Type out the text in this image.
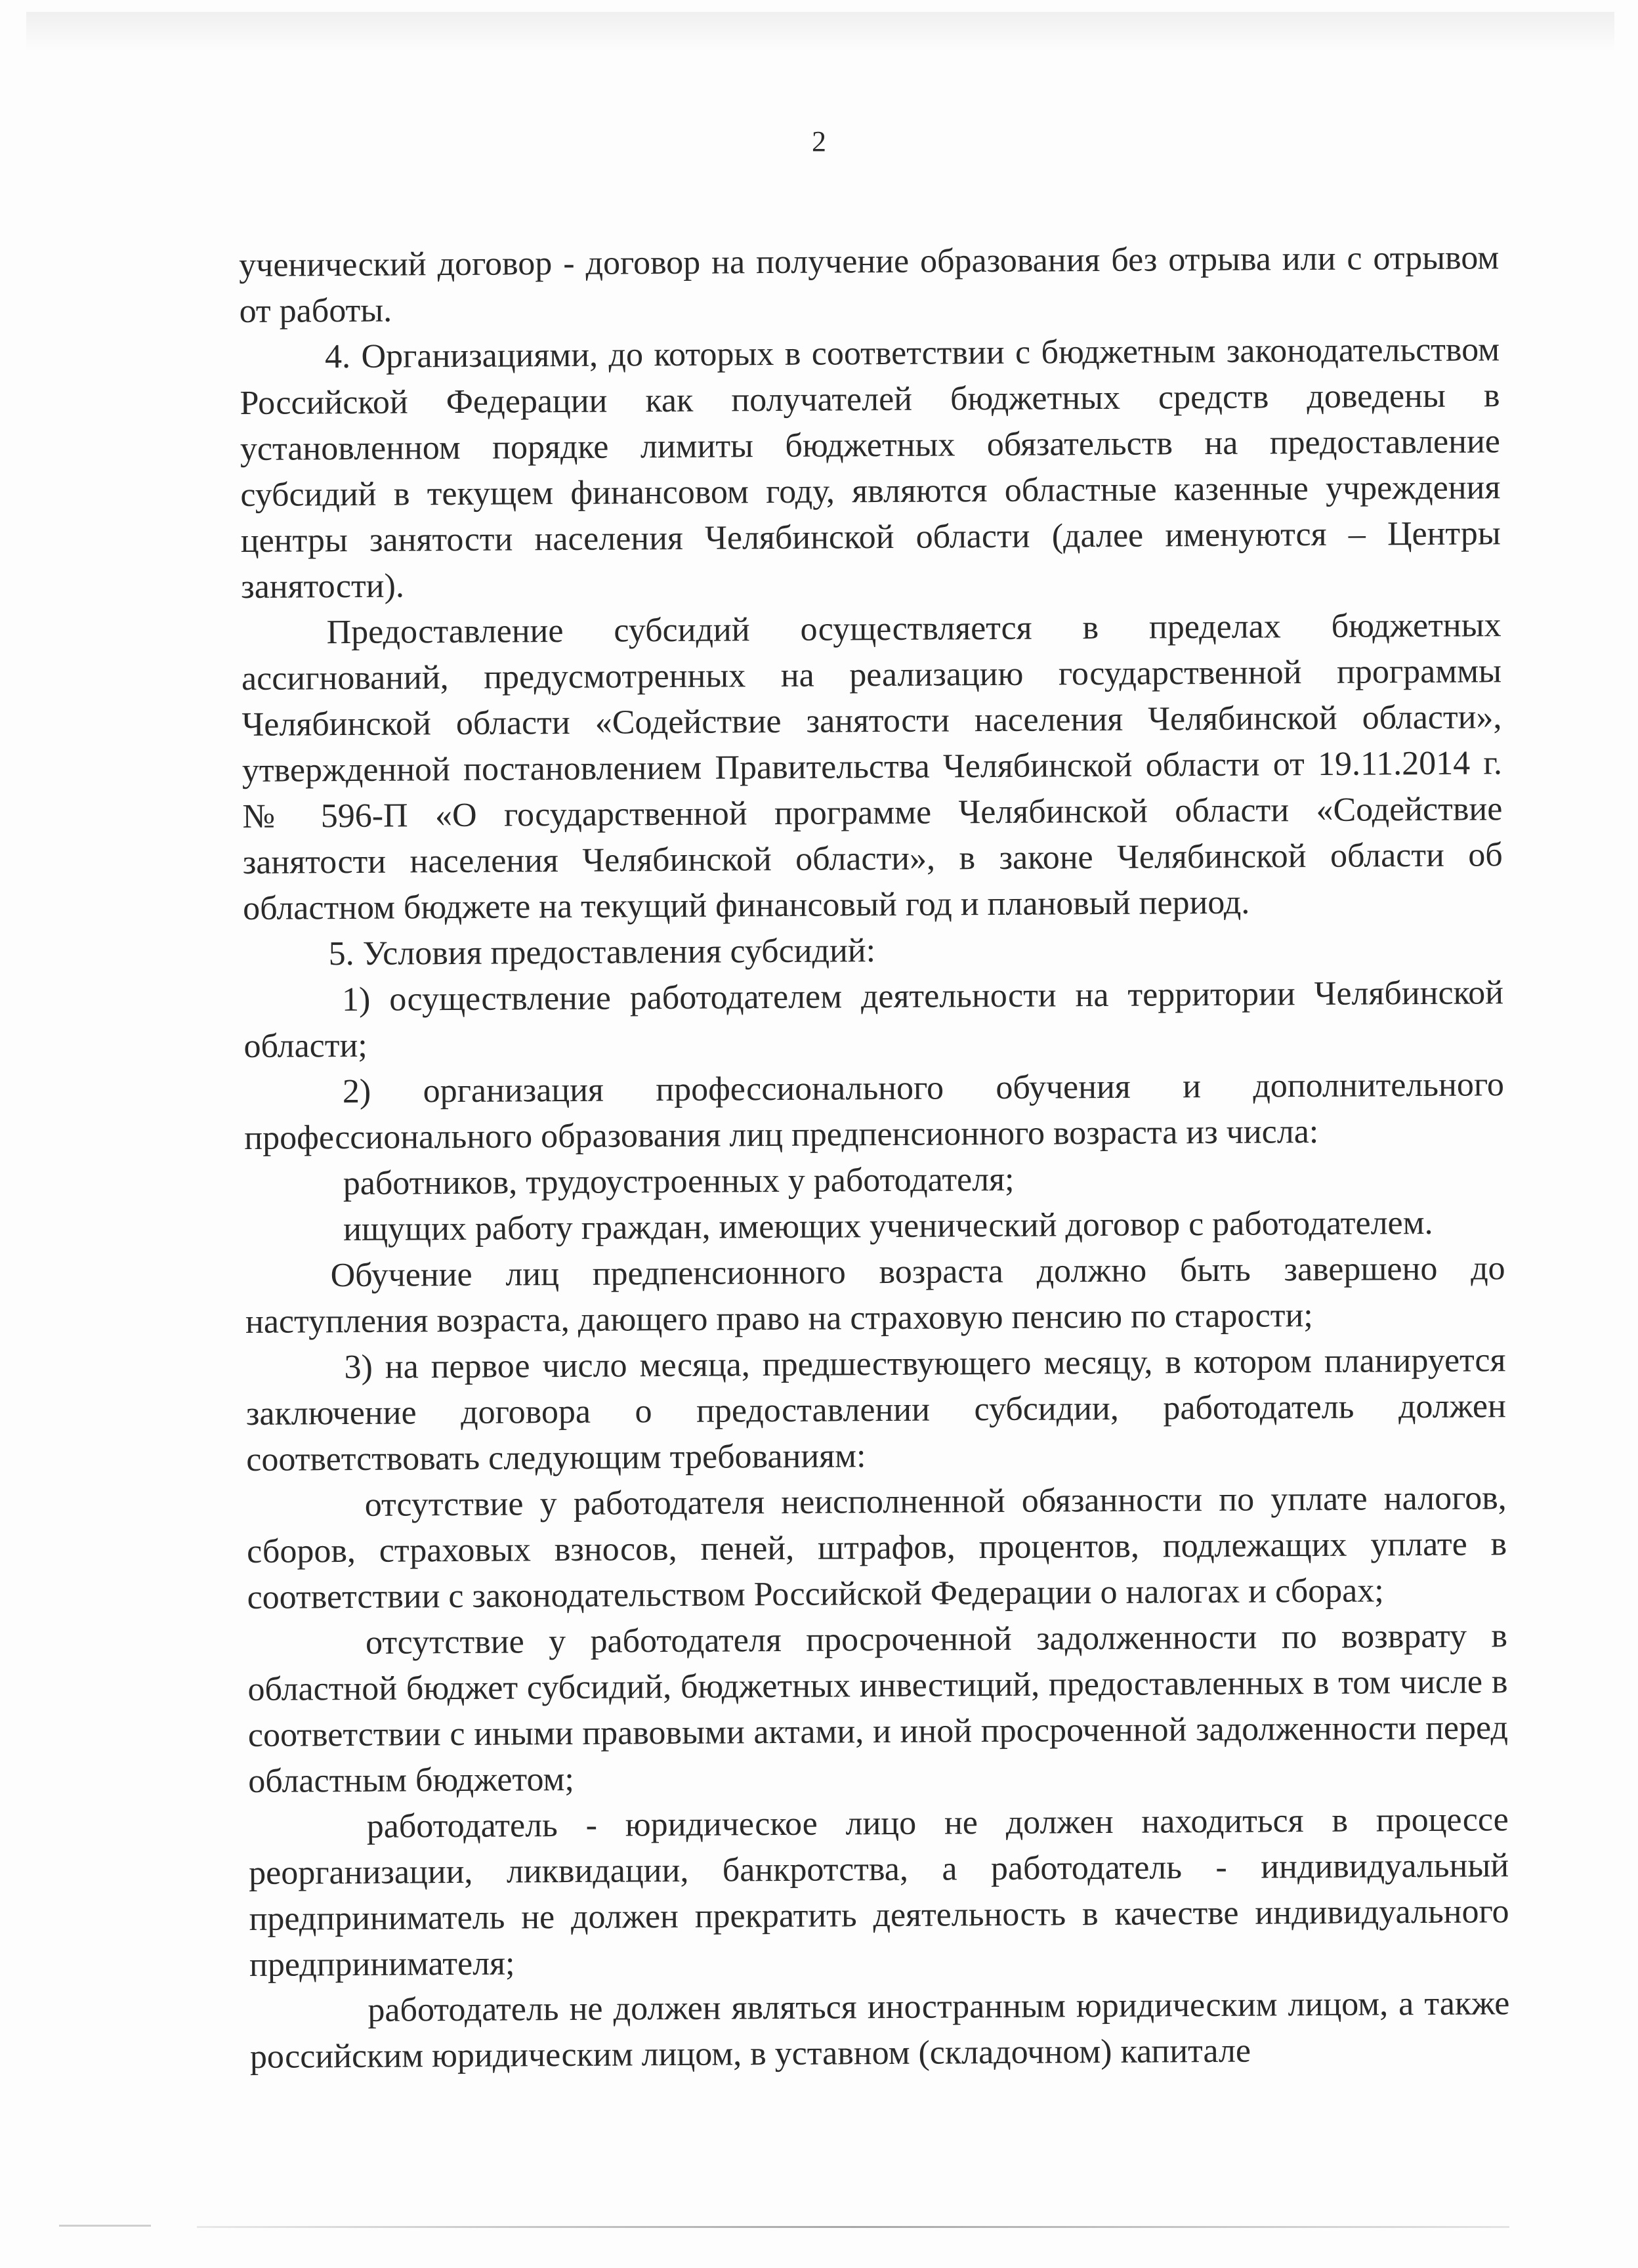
2

ученический договор - договор на получение образования без отрыва или с отрывом от работы.

4. Организациями, до которых в соответствии с бюджетным законодательством Российской Федерации как получателей бюджетных средств доведены в установленном порядке лимиты бюджетных обязательств на предоставление субсидий в текущем финансовом году, являются областные казенные учреждения центры занятости населения Челябинской области (далее именуются – Центры занятости).

Предоставление субсидий осуществляется в пределах бюджетных ассигнований, предусмотренных на реализацию государственной программы Челябинской области «Содействие занятости населения Челябинской области», утвержденной постановлением Правительства Челябинской области от 19.11.2014 г. № 596-П «О государственной программе Челябинской области «Содействие занятости населения Челябинской области», в законе Челябинской области об областном бюджете на текущий финансовый год и плановый период.

5. Условия предоставления субсидий:

1) осуществление работодателем деятельности на территории Челябинской области;

2) организация профессионального обучения и дополнительного профессионального образования лиц предпенсионного возраста из числа:

работников, трудоустроенных у работодателя;

ищущих работу граждан, имеющих ученический договор с работодателем.

Обучение лиц предпенсионного возраста должно быть завершено до наступления возраста, дающего право на страховую пенсию по старости;

3) на первое число месяца, предшествующего месяцу, в котором планируется заключение договора о предоставлении субсидии, работодатель должен соответствовать следующим требованиям:

отсутствие у работодателя неисполненной обязанности по уплате налогов, сборов, страховых взносов, пеней, штрафов, процентов, подлежащих уплате в соответствии с законодательством Российской Федерации о налогах и сборах;

отсутствие у работодателя просроченной задолженности по возврату в областной бюджет субсидий, бюджетных инвестиций, предоставленных в том числе в соответствии с иными правовыми актами, и иной просроченной задолженности перед областным бюджетом;

работодатель - юридическое лицо не должен находиться в процессе реорганизации, ликвидации, банкротства, а работодатель - индивидуальный предприниматель не должен прекратить деятельность в качестве индивидуального предпринимателя;

работодатель не должен являться иностранным юридическим лицом, а также российским юридическим лицом, в уставном (складочном) капитале
